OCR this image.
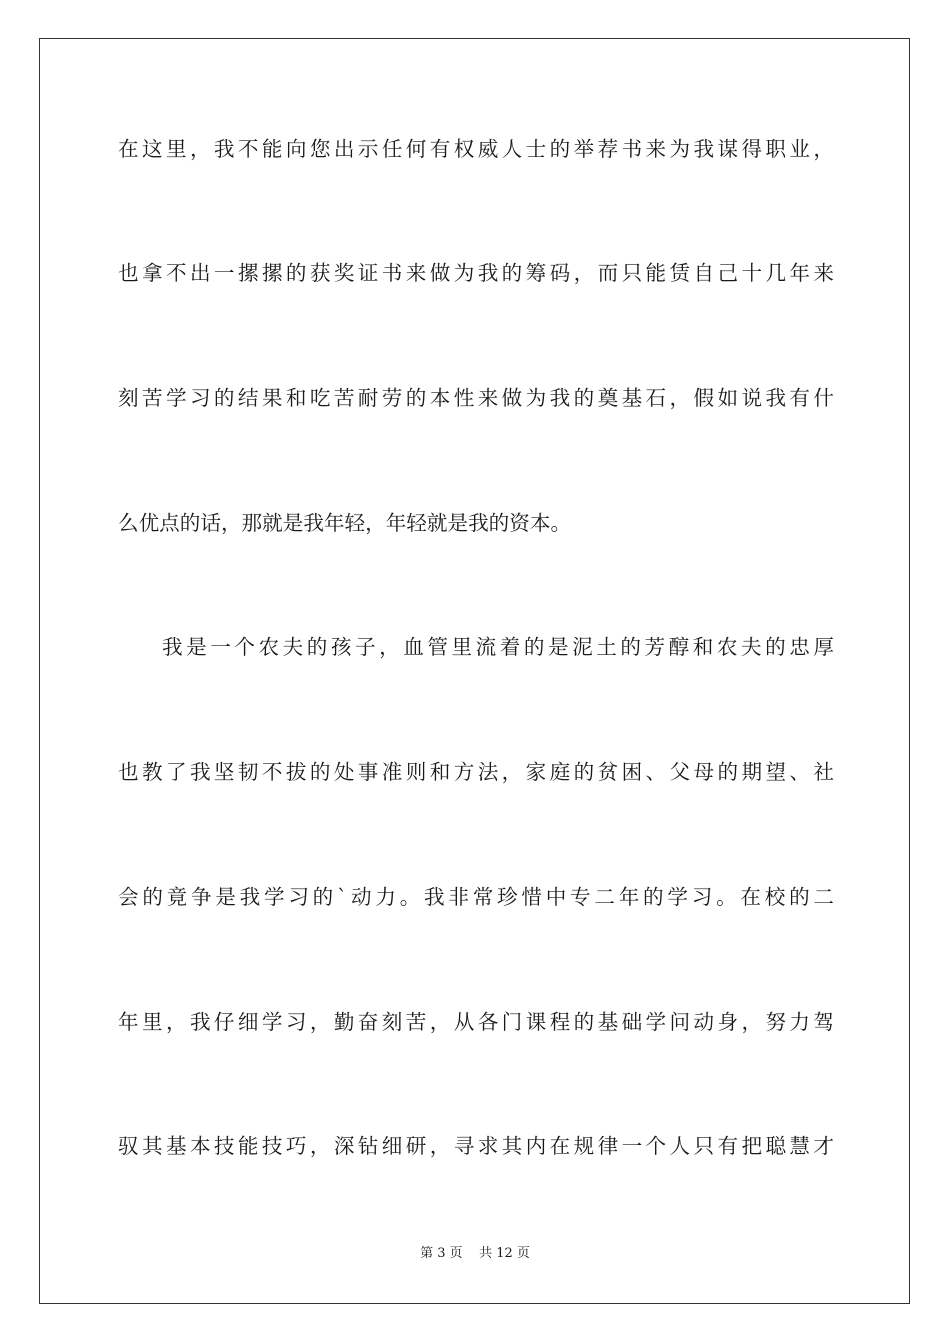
在这里，我不能向您出示任何有权威人士的举荐书来为我谋得职业，
也拿不出一摞摞的获奖证书来做为我的筹码，而只能赁自己十几年来
刻苦学习的结果和吃苦耐劳的本性来做为我的奠基石，假如说我有什
么优点的话，那就是我年轻，年轻就是我的资本。
我是一个农夫的孩子，血管里流着的是泥土的芳醇和农夫的忠厚
也教了我坚韧不拔的处事准则和方法，家庭的贫困、父母的期望、社
会的竟争是我学习的`动力。我非常珍惜中专二年的学习。在校的二
年里，我仔细学习，勤奋刻苦，从各门课程的基础学问动身，努力驾
驭其基本技能技巧，深钻细研，寻求其内在规律一个人只有把聪慧才
第 3 页    共 12 页
